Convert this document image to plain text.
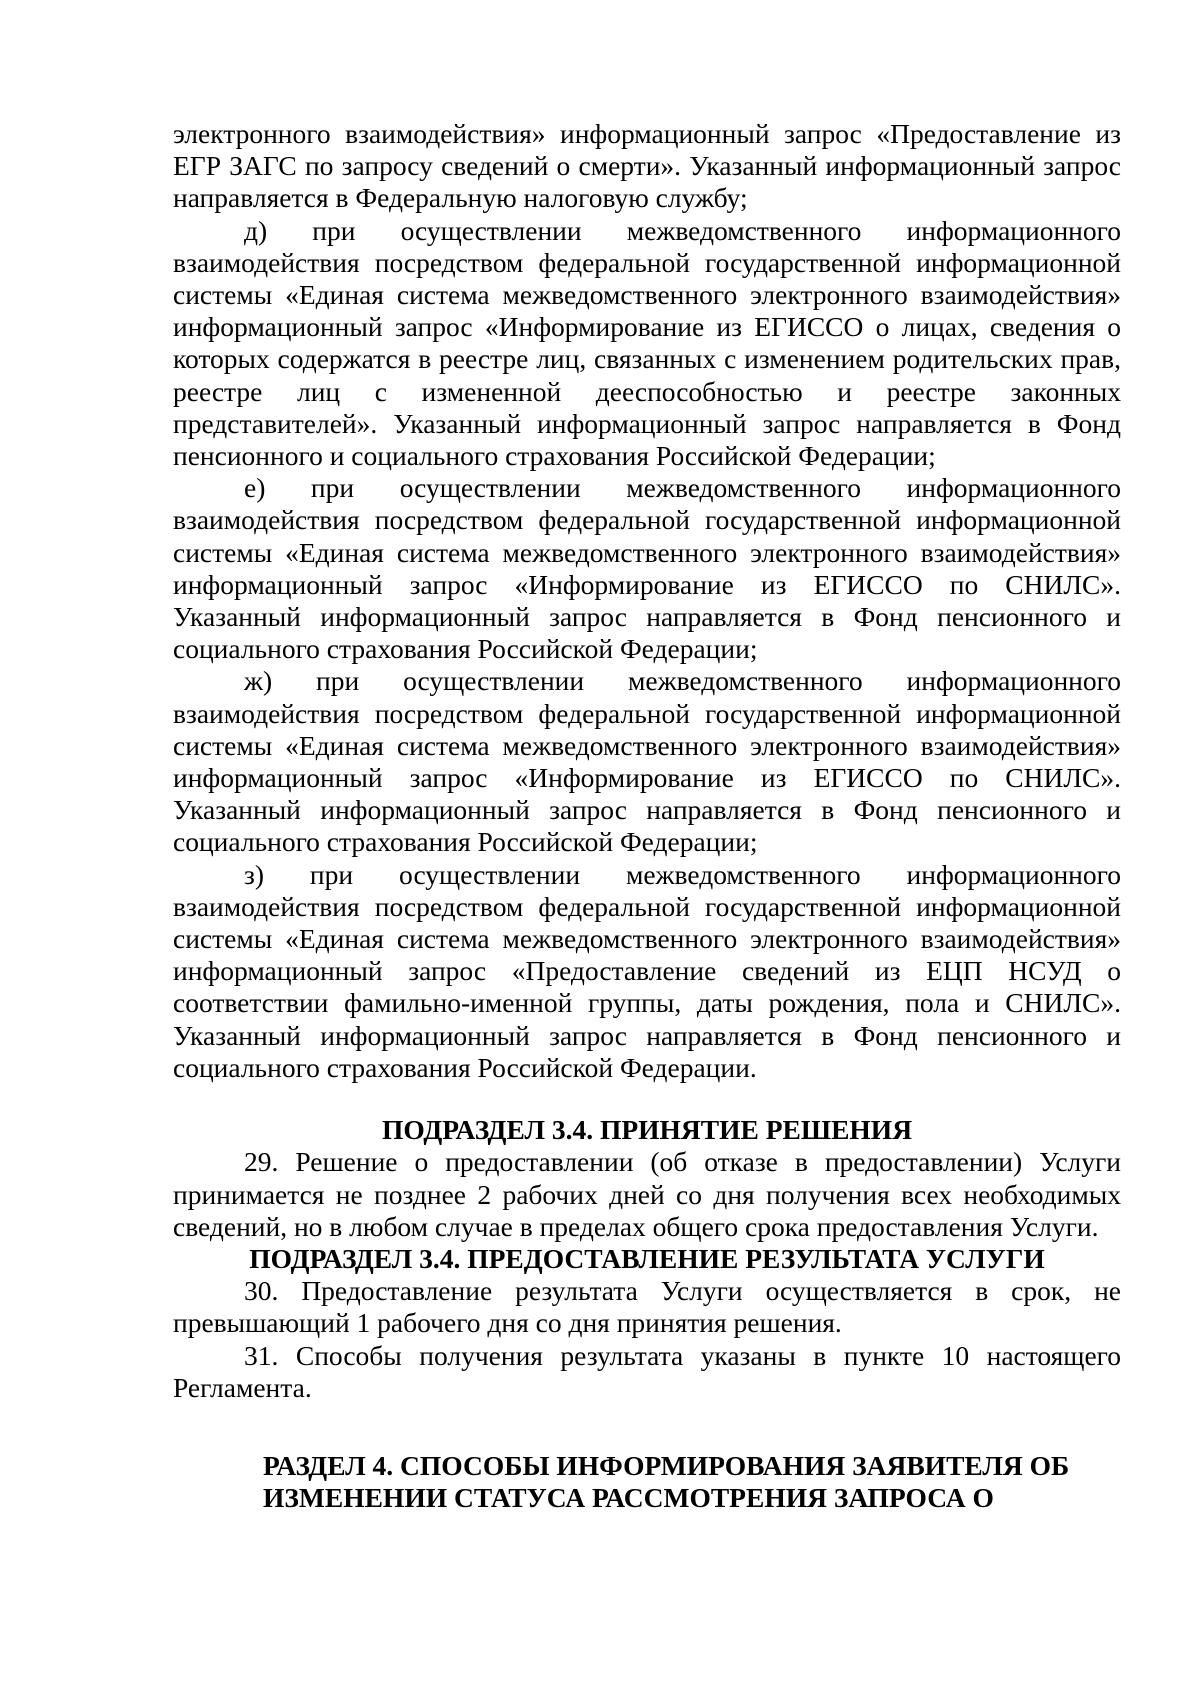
электронного взаимодействия» информационный запрос «Предоставление из ЕГР ЗАГС по запросу сведений о смерти». Указанный информационный запрос направляется в Федеральную налоговую службу;

д) при осуществлении межведомственного информационного взаимодействия посредством федеральной государственной информационной системы «Единая система межведомственного электронного взаимодействия» информационный запрос «Информирование из ЕГИССО о лицах, сведения о которых содержатся в реестре лиц, связанных с изменением родительских прав, реестре лиц с измененной дееспособностью и реестре законных представителей». Указанный информационный запрос направляется в Фонд пенсионного и социального страхования Российской Федерации;

е) при осуществлении межведомственного информационного взаимодействия посредством федеральной государственной информационной системы «Единая система межведомственного электронного взаимодействия» информационный запрос «Информирование из ЕГИССО по СНИЛС». Указанный информационный запрос направляется в Фонд пенсионного и социального страхования Российской Федерации;

ж) при осуществлении межведомственного информационного взаимодействия посредством федеральной государственной информационной системы «Единая система межведомственного электронного взаимодействия» информационный запрос «Информирование из ЕГИССО по СНИЛС». Указанный информационный запрос направляется в Фонд пенсионного и социального страхования Российской Федерации;

з) при осуществлении межведомственного информационного взаимодействия посредством федеральной государственной информационной системы «Единая система межведомственного электронного взаимодействия» информационный запрос «Предоставление сведений из ЕЦП НСУД о соответствии фамильно-именной группы, даты рождения, пола и СНИЛС». Указанный информационный запрос направляется в Фонд пенсионного и социального страхования Российской Федерации.

ПОДРАЗДЕЛ 3.4. ПРИНЯТИЕ РЕШЕНИЯ

29. Решение о предоставлении (об отказе в предоставлении) Услуги принимается не позднее 2 рабочих дней со дня получения всех необходимых сведений, но в любом случае в пределах общего срока предоставления Услуги.

ПОДРАЗДЕЛ 3.4. ПРЕДОСТАВЛЕНИЕ РЕЗУЛЬТАТА УСЛУГИ

30. Предоставление результата Услуги осуществляется в срок, не превышающий 1 рабочего дня со дня принятия решения.

31. Способы получения результата указаны в пункте 10 настоящего Регламента.

РАЗДЕЛ 4. СПОСОБЫ ИНФОРМИРОВАНИЯ ЗАЯВИТЕЛЯ ОБ
ИЗМЕНЕНИИ СТАТУСА РАССМОТРЕНИЯ ЗАПРОСА О
